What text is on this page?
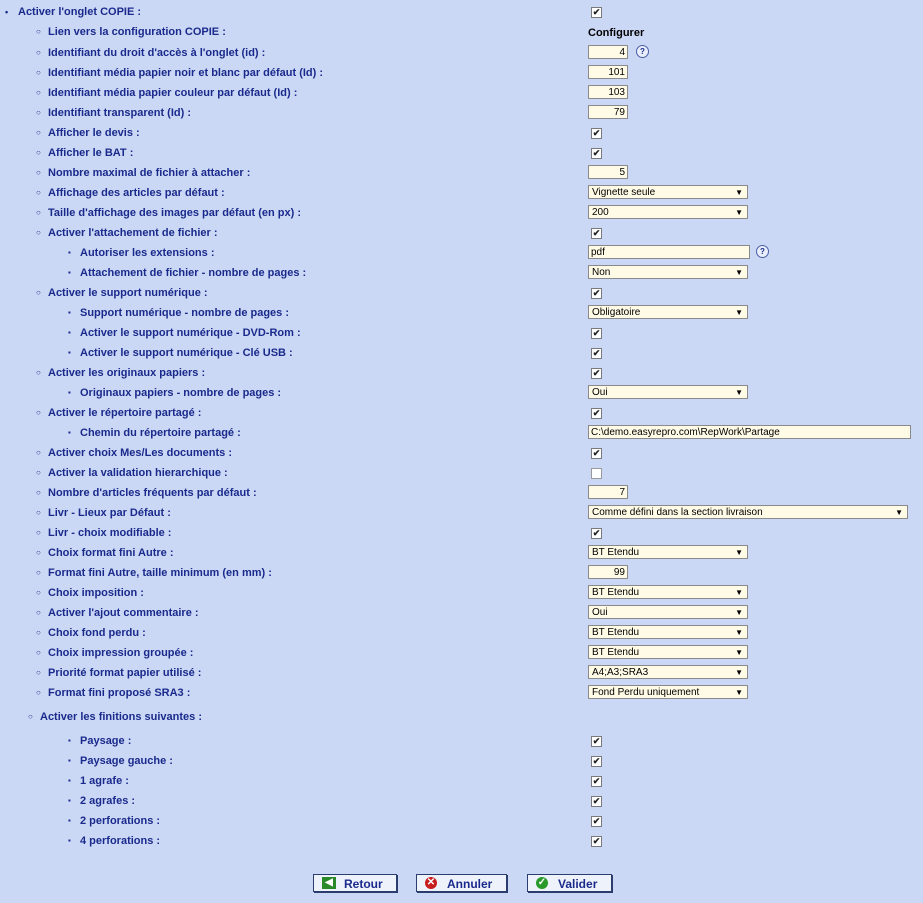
• Activer l'onglet COPIE :	✔
○ Lien vers la configuration COPIE :	Configurer
○ Identifiant du droit d'accès à l'onglet (id) :	4	?
○ Identifiant média papier noir et blanc par défaut (Id) :	101
○ Identifiant média papier couleur par défaut (Id) :	103
○ Identifiant transparent (Id) :	79
○ Afficher le devis :	✔
○ Afficher le BAT :	✔
○ Nombre maximal de fichier à attacher :	5
○ Affichage des articles par défaut :	Vignette seule	▼
○ Taille d'affichage des images par défaut (en px) :	200	▼
○ Activer l'attachement de fichier :	✔
▪ Autoriser les extensions :	pdf	?
▪ Attachement de fichier - nombre de pages :	Non	▼
○ Activer le support numérique :	✔
▪ Support numérique - nombre de pages :	Obligatoire	▼
▪ Activer le support numérique - DVD-Rom :	✔
▪ Activer le support numérique - Clé USB :	✔
○ Activer les originaux papiers :	✔
▪ Originaux papiers - nombre de pages :	Oui	▼
○ Activer le répertoire partagé :	✔
▪ Chemin du répertoire partagé :	C:\demo.easyrepro.com\RepWork\Partage
○ Activer choix Mes/Les documents :	✔
○ Activer la validation hierarchique :
○ Nombre d'articles fréquents par défaut :	7
○ Livr - Lieux par Défaut :	Comme défini dans la section livraison	▼
○ Livr - choix modifiable :	✔
○ Choix format fini Autre :	BT Etendu	▼
○ Format fini Autre, taille minimum (en mm) :	99
○ Choix imposition :	BT Etendu	▼
○ Activer l'ajout commentaire :	Oui	▼
○ Choix fond perdu :	BT Etendu	▼
○ Choix impression groupée :	BT Etendu	▼
○ Priorité format papier utilisé :	A4;A3;SRA3	▼
○ Format fini proposé SRA3 :	Fond Perdu uniquement	▼
○ Activer les finitions suivantes :
▪ Paysage :	✔
▪ Paysage gauche :	✔
▪ 1 agrafe :	✔
▪ 2 agrafes :	✔
▪ 2 perforations :	✔
▪ 4 perforations :	✔
◀ Retour	✕ Annuler	✓ Valider
